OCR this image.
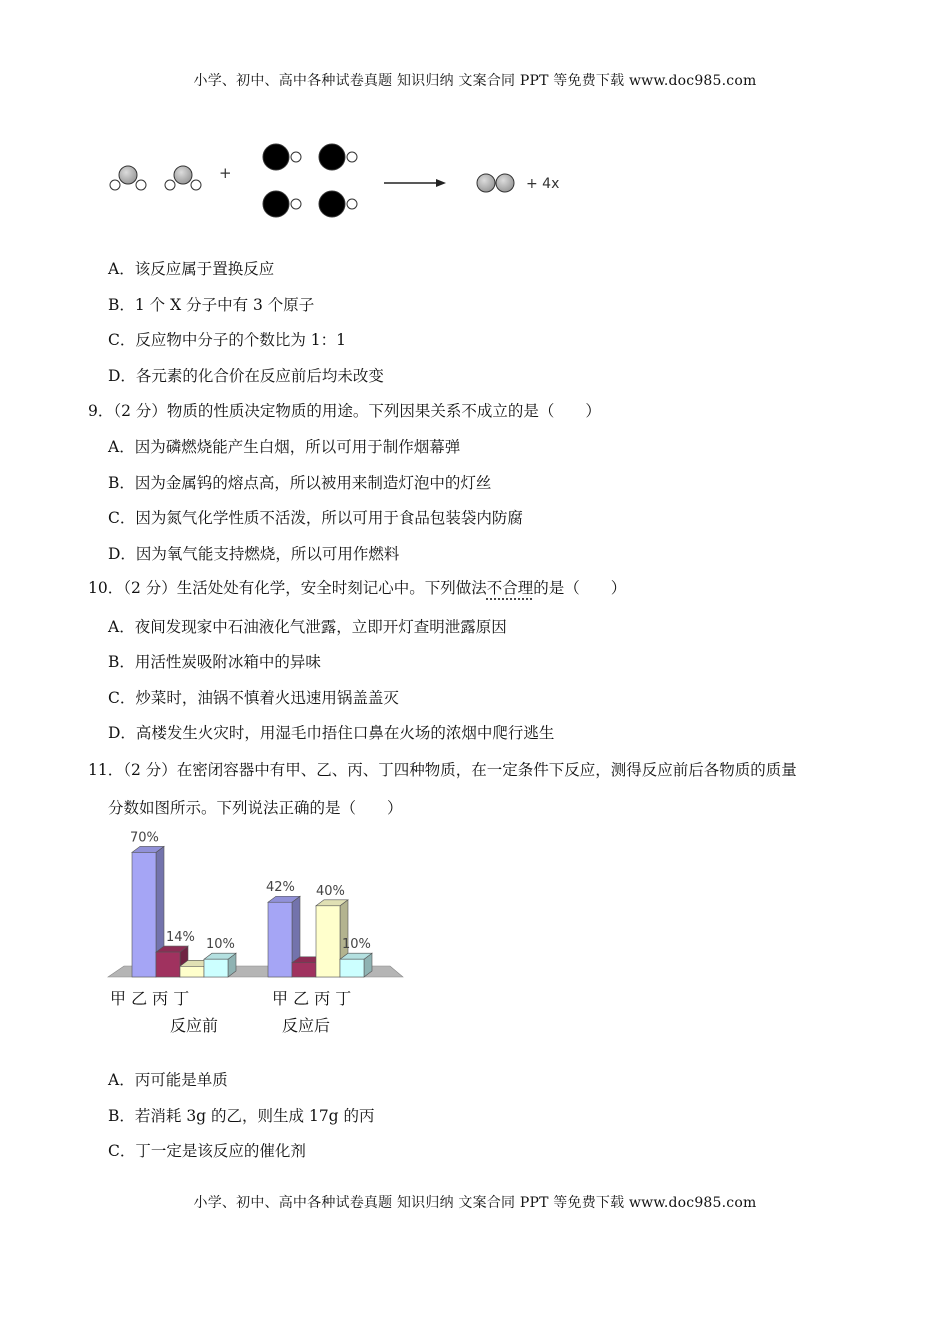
小学、初中、高中各种试卷真题 知识归纳 文案合同 PPT 等免费下载 www.doc985.com
+
+ 4x
A．该反应属于置换反应
B．1 个 X 分子中有 3 个原子
C．反应物中分子的个数比为 1：1
D．各元素的化合价在反应前后均未改变
9．（2 分）物质的性质决定物质的用途。下列因果关系不成立的是（　　）
A．因为磷燃烧能产生白烟，所以可用于制作烟幕弹
B．因为金属钨的熔点高，所以被用来制造灯泡中的灯丝
C．因为氮气化学性质不活泼，所以可用于食品包装袋内防腐
D．因为氧气能支持燃烧，所以可用作燃料
10．（2 分）生活处处有化学，安全时刻记心中。下列做法不合理的是（　　）
A．夜间发现家中石油液化气泄露，立即开灯查明泄露原因
B．用活性炭吸附冰箱中的异味
C．炒菜时，油锅不慎着火迅速用锅盖盖灭
D．高楼发生火灾时，用湿毛巾捂住口鼻在火场的浓烟中爬行逃生
11．（2 分）在密闭容器中有甲、乙、丙、丁四种物质，在一定条件下反应，测得反应前后各物质的质量
分数如图所示。下列说法正确的是（　　）
70%
14% 10%
42% 40%
10%
甲 乙 丙 丁	甲 乙 丙 丁
反应前	反应后
A．丙可能是单质
B．若消耗 3g 的乙，则生成 17g 的丙
C．丁一定是该反应的催化剂
小学、初中、高中各种试卷真题 知识归纳 文案合同 PPT 等免费下载 www.doc985.com
